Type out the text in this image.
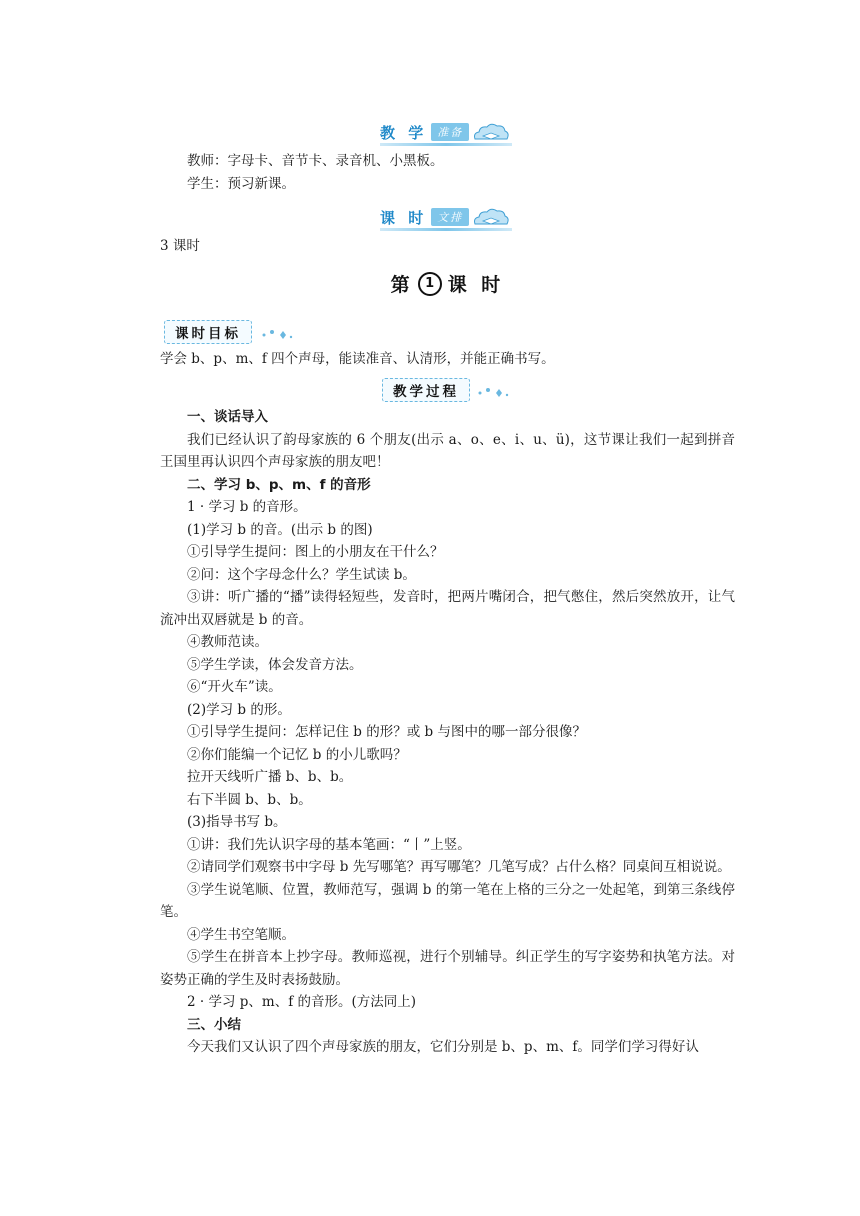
教 学 准备
教师：字母卡、音节卡、录音机、小黑板。
学生：预习新课。
课 时 文排
3 课时
第 1 课 时
课时目标
学会 b、p、m、f 四个声母，能读准音、认清形，并能正确书写。
教学过程
一、谈话导入
我们已经认识了韵母家族的 6 个朋友(出示 a、o、e、i、u、ü)，这节课让我们一起到拼音王国里再认识四个声母家族的朋友吧！
二、学习 b、p、m、f 的音形
1 · 学习 b 的音形。
(1)学习 b 的音。(出示 b 的图)
①引导学生提问：图上的小朋友在干什么？
②问：这个字母念什么？学生试读 b。
③讲：听广播的“播”读得轻短些，发音时，把两片嘴闭合，把气憋住，然后突然放开，让气流冲出双唇就是 b 的音。
④教师范读。
⑤学生学读，体会发音方法。
⑥“开火车”读。
(2)学习 b 的形。
①引导学生提问：怎样记住 b 的形？或 b 与图中的哪一部分很像？
②你们能编一个记忆 b 的小儿歌吗？
拉开天线听广播 b、b、b。
右下半圆 b、b、b。
(3)指导书写 b。
①讲：我们先认识字母的基本笔画：“丨”上竖。
②请同学们观察书中字母 b 先写哪笔？再写哪笔？几笔写成？占什么格？同桌间互相说说。
③学生说笔顺、位置，教师范写，强调 b 的第一笔在上格的三分之一处起笔，到第三条线停笔。
④学生书空笔顺。
⑤学生在拼音本上抄字母。教师巡视，进行个别辅导。纠正学生的写字姿势和执笔方法。对姿势正确的学生及时表扬鼓励。
2 · 学习 p、m、f 的音形。(方法同上)
三、小结
今天我们又认识了四个声母家族的朋友，它们分别是 b、p、m、f。同学们学习得好认
